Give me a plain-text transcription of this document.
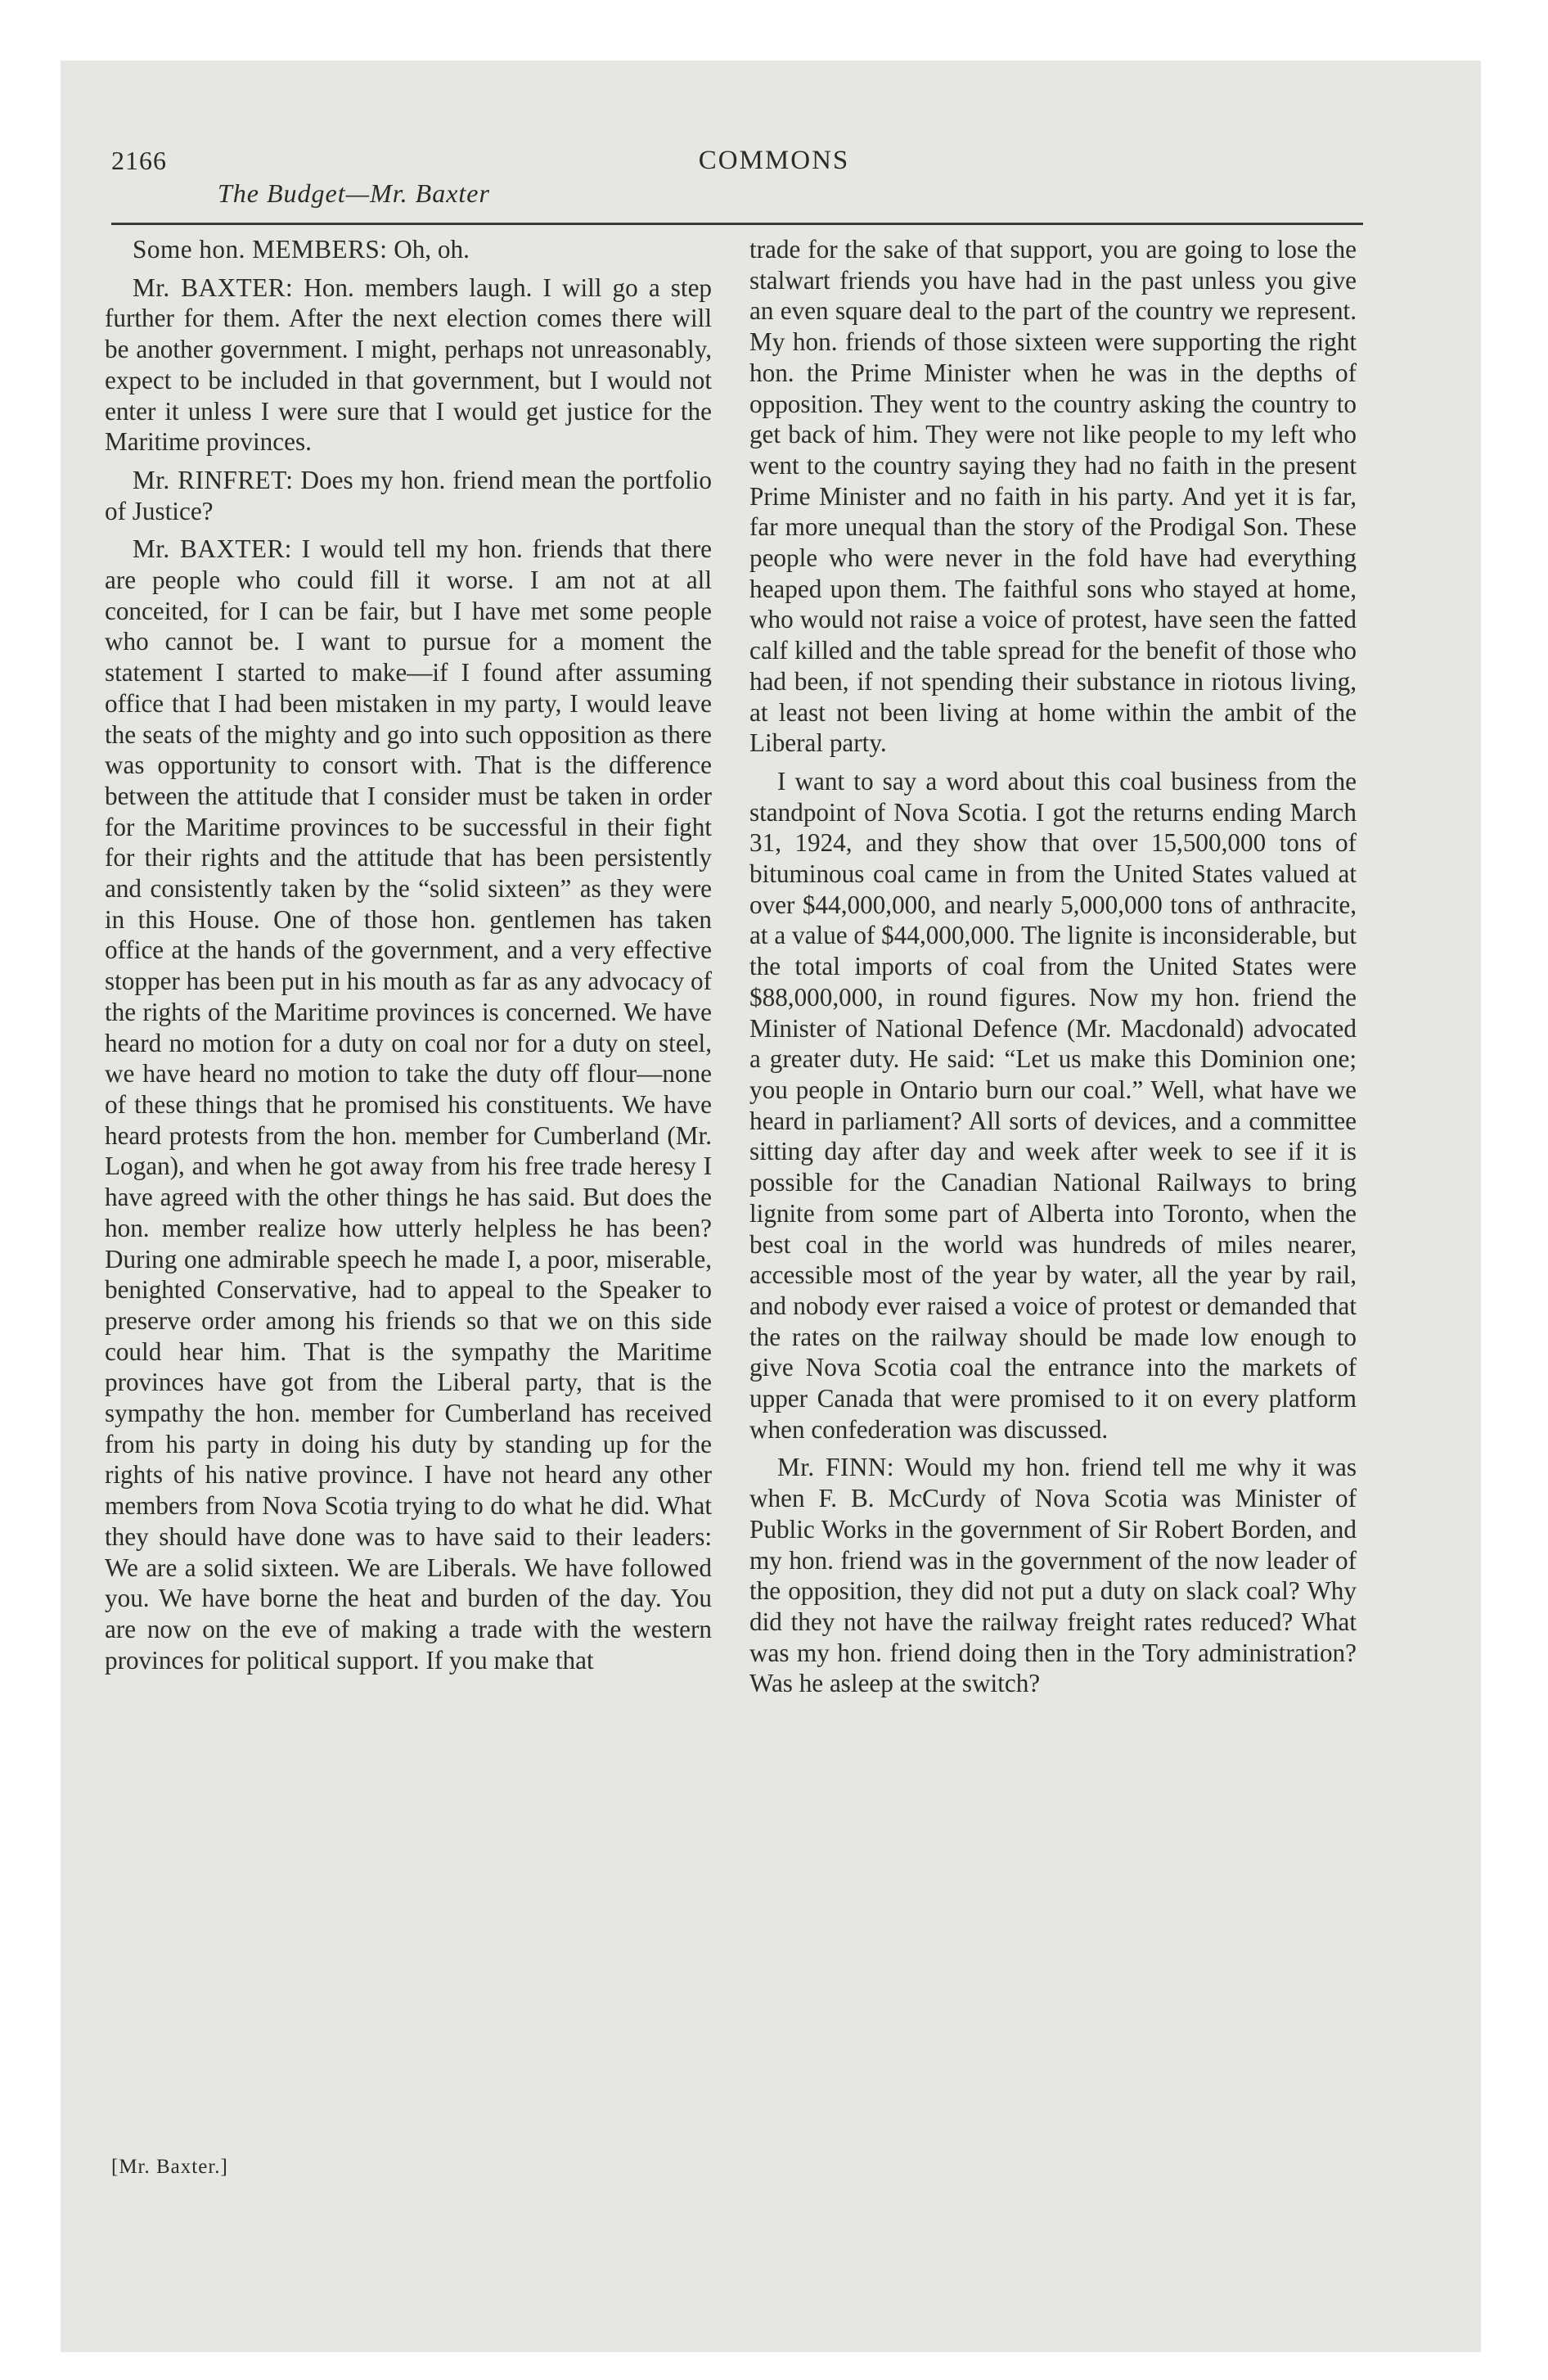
2166	COMMONS
The Budget—Mr. Baxter

Some hon. MEMBERS: Oh, oh.

Mr. BAXTER: Hon. members laugh. I will go a step further for them. After the next election comes there will be another government. I might, perhaps not unreasonably, expect to be included in that government, but I would not enter it unless I were sure that I would get justice for the Maritime provinces.

Mr. RINFRET: Does my hon. friend mean the portfolio of Justice?

Mr. BAXTER: I would tell my hon. friends that there are people who could fill it worse. I am not at all conceited, for I can be fair, but I have met some people who cannot be. I want to pursue for a moment the statement I started to make—if I found after assuming office that I had been mistaken in my party, I would leave the seats of the mighty and go into such opposition as there was opportunity to consort with. That is the difference between the attitude that I consider must be taken in order for the Maritime provinces to be successful in their fight for their rights and the attitude that has been persistently and consistently taken by the “solid sixteen” as they were in this House. One of those hon. gentlemen has taken office at the hands of the government, and a very effective stopper has been put in his mouth as far as any advocacy of the rights of the Maritime provinces is concerned. We have heard no motion for a duty on coal nor for a duty on steel, we have heard no motion to take the duty off flour—none of these things that he promised his constituents. We have heard protests from the hon. member for Cumberland (Mr. Logan), and when he got away from his free trade heresy I have agreed with the other things he has said. But does the hon. member realize how utterly helpless he has been? During one admirable speech he made I, a poor, miserable, benighted Conservative, had to appeal to the Speaker to preserve order among his friends so that we on this side could hear him. That is the sympathy the Maritime provinces have got from the Liberal party, that is the sympathy the hon. member for Cumberland has received from his party in doing his duty by standing up for the rights of his native province. I have not heard any other members from Nova Scotia trying to do what he did. What they should have done was to have said to their leaders: We are a solid sixteen. We are Liberals. We have followed you. We have borne the heat and burden of the day. You are now on the eve of making a trade with the western provinces for political support. If you make that

[Mr. Baxter.]

trade for the sake of that support, you are going to lose the stalwart friends you have had in the past unless you give an even square deal to the part of the country we represent. My hon. friends of those sixteen were supporting the right hon. the Prime Minister when he was in the depths of opposition. They went to the country asking the country to get back of him. They were not like people to my left who went to the country saying they had no faith in the present Prime Minister and no faith in his party. And yet it is far, far more unequal than the story of the Prodigal Son. These people who were never in the fold have had everything heaped upon them. The faithful sons who stayed at home, who would not raise a voice of protest, have seen the fatted calf killed and the table spread for the benefit of those who had been, if not spending their substance in riotous living, at least not been living at home within the ambit of the Liberal party.

I want to say a word about this coal business from the standpoint of Nova Scotia. I got the returns ending March 31, 1924, and they show that over 15,500,000 tons of bituminous coal came in from the United States valued at over $44,000,000, and nearly 5,000,000 tons of anthracite, at a value of $44,000,000. The lignite is inconsiderable, but the total imports of coal from the United States were $88,000,000, in round figures. Now my hon. friend the Minister of National Defence (Mr. Macdonald) advocated a greater duty. He said: “Let us make this Dominion one; you people in Ontario burn our coal.” Well, what have we heard in parliament? All sorts of devices, and a committee sitting day after day and week after week to see if it is possible for the Canadian National Railways to bring lignite from some part of Alberta into Toronto, when the best coal in the world was hundreds of miles nearer, accessible most of the year by water, all the year by rail, and nobody ever raised a voice of protest or demanded that the rates on the railway should be made low enough to give Nova Scotia coal the entrance into the markets of upper Canada that were promised to it on every platform when confederation was discussed.

Mr. FINN: Would my hon. friend tell me why it was when F. B. McCurdy of Nova Scotia was Minister of Public Works in the government of Sir Robert Borden, and my hon. friend was in the government of the now leader of the opposition, they did not put a duty on slack coal? Why did they not have the railway freight rates reduced? What was my hon. friend doing then in the Tory administration? Was he asleep at the switch?
